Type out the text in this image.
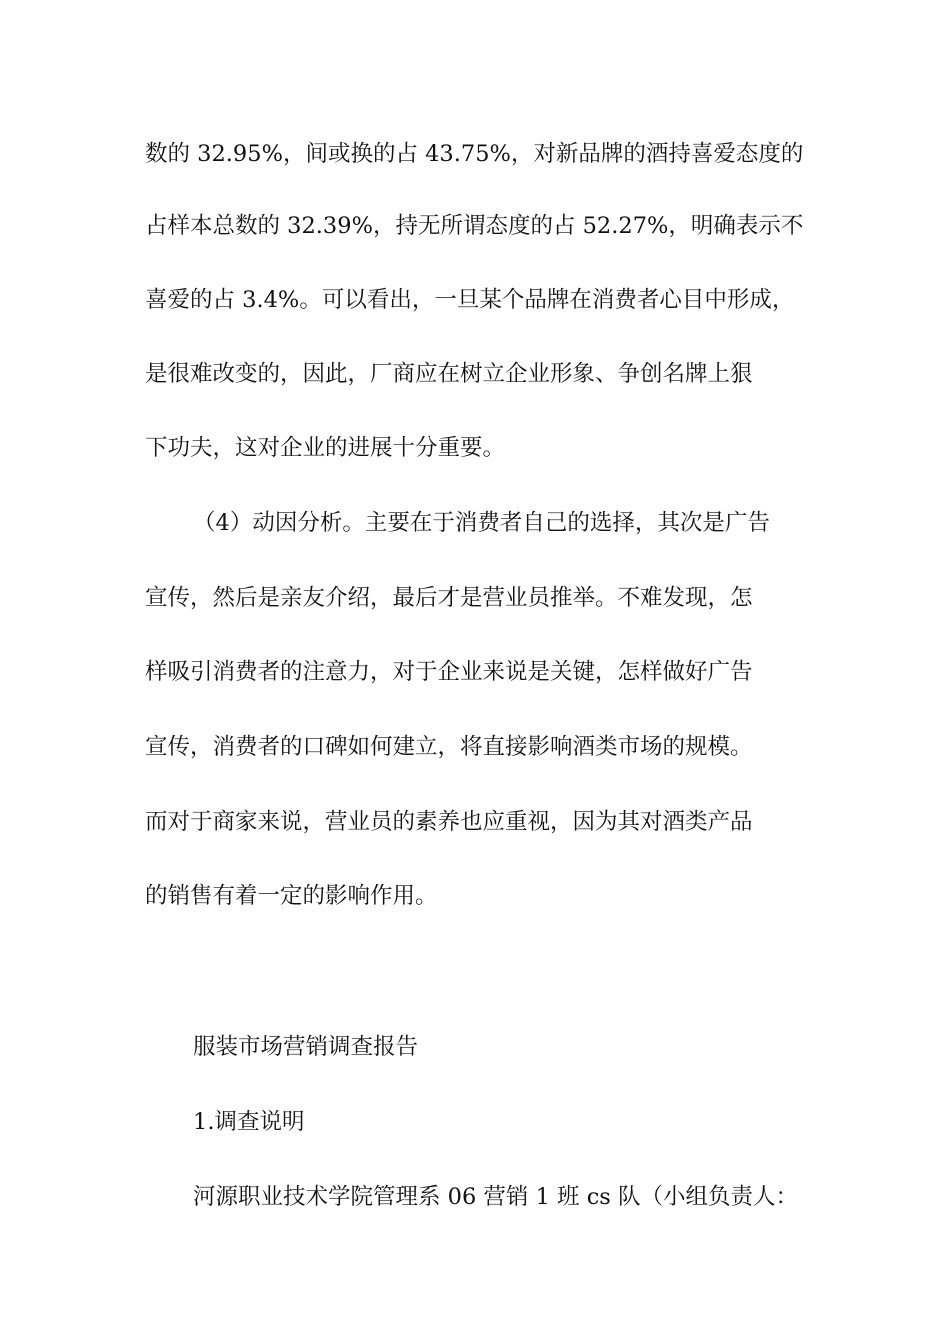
数的 32.95%，间或换的占 43.75%，对新品牌的酒持喜爱态度的
占样本总数的 32.39%，持无所谓态度的占 52.27%，明确表示不
喜爱的占 3.4%。可以看出，一旦某个品牌在消费者心目中形成，
是很难改变的，因此，厂商应在树立企业形象、争创名牌上狠
下功夫，这对企业的进展十分重要。
（4）动因分析。主要在于消费者自己的选择，其次是广告
宣传，然后是亲友介绍，最后才是营业员推举。不难发现，怎
样吸引消费者的注意力，对于企业来说是关键，怎样做好广告
宣传，消费者的口碑如何建立，将直接影响酒类市场的规模。
而对于商家来说，营业员的素养也应重视，因为其对酒类产品
的销售有着一定的影响作用。
服装市场营销调查报告
1.调查说明
河源职业技术学院管理系 06 营销 1 班 cs 队（小组负责人：
